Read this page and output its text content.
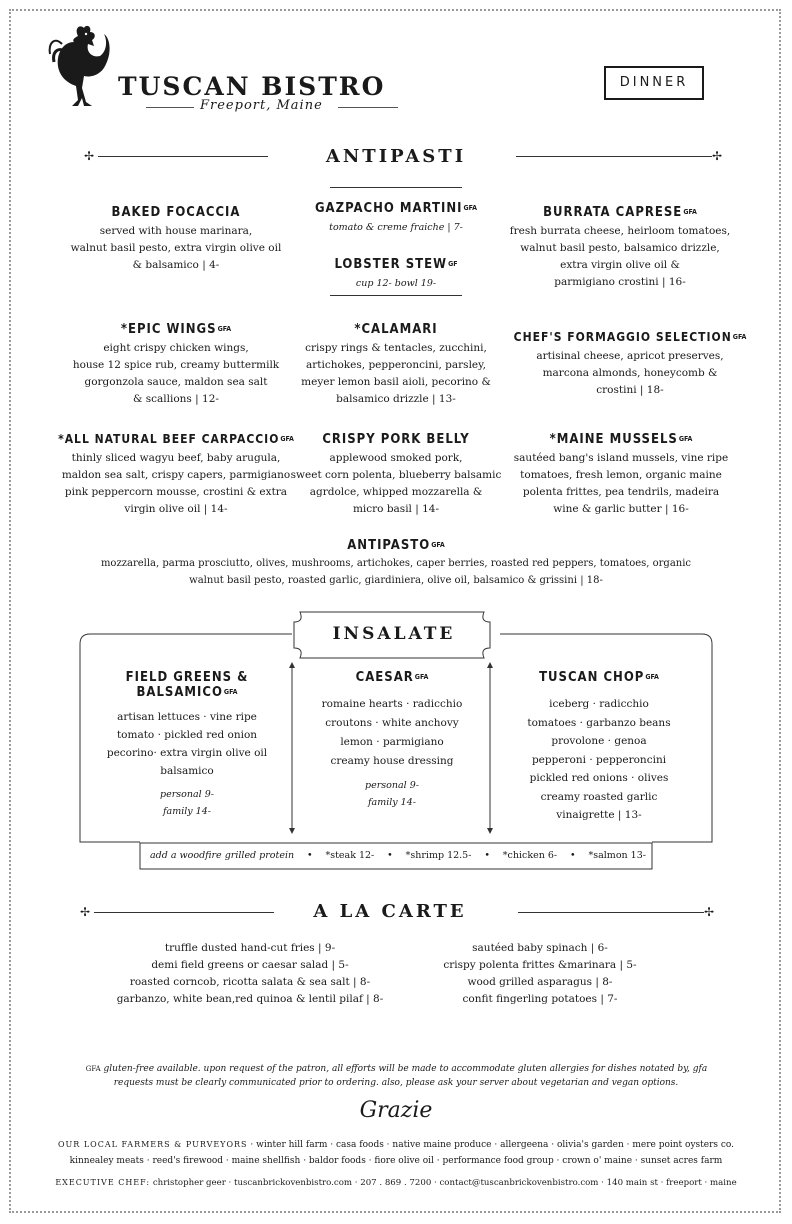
TUSCAN BISTRO
Freeport, Maine
DINNER
✢	ANTIPASTI	✢
BAKED FOCACCIA
served with house marinara,
walnut basil pesto, extra virgin olive oil
& balsamico | 4-
GAZPACHO $MARTINI^{GFA}$
tomato & creme fraiche | 7-
LOBSTER $STEW^{GF}$
cup 12- bowl 19-
BURRATA $CAPRESE^{GFA}$
fresh burrata cheese, heirloom tomatoes,
walnut basil pesto, balsamico drizzle,
extra virgin olive oil &
parmigiano crostini | 16-
*EPIC $WINGS^{GFA}$
eight crispy chicken wings,
house 12 spice rub, creamy buttermilk
gorgonzola sauce, maldon sea salt
& scallions | 12-
*CALAMARI
crispy rings & tentacles, zucchini,
artichokes, pepperoncini, parsley,
meyer lemon basil aioli, pecorino &
balsamico drizzle | 13-
CHEF'S FORMAGGIO $SELECTION^{GFA}$
artisinal cheese, apricot preserves,
marcona almonds, honeycomb &
crostini | 18-
*ALL NATURAL BEEF $CARPACCIO^{GFA}$
thinly sliced wagyu beef, baby arugula,
maldon sea salt, crispy capers, parmigiano
pink peppercorn mousse, crostini & extra
virgin olive oil | 14-
CRISPY PORK BELLY
applewood smoked pork,
sweet corn polenta, blueberry balsamic
agrdolce, whipped mozzarella &
micro basil | 14-
*MAINE $MUSSELS^{GFA}$
sautéed bang's island mussels, vine ripe
tomatoes, fresh lemon, organic maine
polenta frittes, pea tendrils, madeira
wine & garlic butter | 16-
$ANTIPASTO^{GFA}$
mozzarella, parma prosciutto, olives, mushrooms, artichokes, caper berries, roasted red peppers, tomatoes, organic
walnut basil pesto, roasted garlic, giardiniera, olive oil, balsamico & grissini | 18-
INSALATE
FIELD GREENS &
$BALSAMICO^{GFA}$
artisan lettuces · vine ripe
tomato · pickled red onion
pecorino· extra virgin olive oil
balsamico
personal 9-
family 14-
$CAESAR^{GFA}$
romaine hearts · radicchio
croutons · white anchovy
lemon · parmigiano
creamy house dressing
personal 9-
family 14-
TUSCAN $CHOP^{GFA}$
iceberg · radicchio
tomatoes · garbanzo beans
provolone · genoa
pepperoni · pepperoncini
pickled red onions · olives
creamy roasted garlic
vinaigrette | 13-
add a woodfire grilled protein • *steak 12- • *shrimp 12.5- • *chicken 6- • *salmon 13-
✢	A LA CARTE	✢
truffle dusted hand-cut fries | 9-
demi field greens or caesar salad | 5-
roasted corncob, ricotta salata & sea salt | 8-
garbanzo, white bean,red quinoa & lentil pilaf | 8-
sautéed baby spinach | 6-
crispy polenta frittes &marinara | 5-
wood grilled asparagus | 8-
confit fingerling potatoes | 7-
$^{GFA}$ gluten-free available. upon request of the patron, all efforts will be made to accommodate gluten allergies for dishes notated by, gfa
requests must be clearly communicated prior to ordering. also, please ask your server about vegetarian and vegan options.
Grazie
OUR LOCAL FARMERS & PURVEYORS · winter hill farm · casa foods · native maine produce · allergeena · olivia's garden · mere point oysters co.
kinnealey meats · reed's firewood · maine shellfish · baldor foods · fiore olive oil · performance food group · crown o' maine · sunset acres farm
EXECUTIVE CHEF: christopher geer · tuscanbrickovenbistro.com · 207 . 869 . 7200 · contact@tuscanbrickovenbistro.com · 140 main st · freeport · maine
